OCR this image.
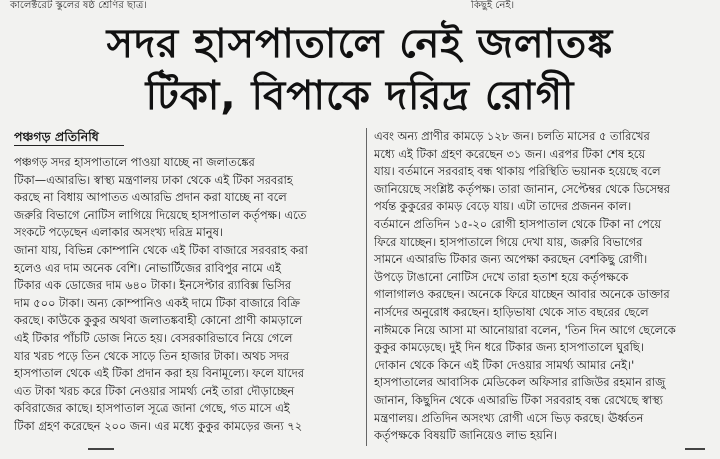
কালেক্টরেট স্কুলের ষষ্ঠ শ্রেণির ছাত্র।	কিছুই নেই।
সদর হাসপাতালে নেই জলাতঙ্ক
টিকা, বিপাকে দরিদ্র রোগী
পঞ্চগড় প্রতিনিধি
পঞ্চগড় সদর হাসপাতালে পাওয়া যাচ্ছে না জলাতঙ্কের
টিকা—এআরভি। স্বাস্থ্য মন্ত্রণালয় ঢাকা থেকে এই টিকা সরবরাহ
করছে না বিধায় আপাতত এআরভি প্রদান করা যাচ্ছে না বলে
জরুরি বিভাগে নোটিস লাগিয়ে দিয়েছে হাসপাতাল কর্তৃপক্ষ। এতে
সংকটে পড়েছেন এলাকার অসংখ্য দরিদ্র মানুষ।
জানা যায়, বিভিন্ন কোম্পানি থেকে এই টিকা বাজারে সরবরাহ করা
হলেও এর দাম অনেক বেশি। নোভার্টিজের রাবিপুর নামে এই
টিকার এক ডোজের দাম ৬৪০ টাকা। ইনসেপ্টার র‍্যাবিক্স ভিসির
দাম ৫০০ টাকা। অন্য কোম্পানিও একই দামে টিকা বাজারে বিক্রি
করছে। কাউকে কুকুর অথবা জলাতঙ্কবাহী কোনো প্রাণী কামড়ালে
এই টিকার পাঁচটি ডোজ নিতে হয়। বেসরকারিভাবে নিয়ে গেলে
যার খরচ পড়ে তিন থেকে সাড়ে তিন হাজার টাকা। অথচ সদর
হাসপাতাল থেকে এই টিকা প্রদান করা হয় বিনামূল্যে। ফলে যাদের
এত টাকা খরচ করে টিকা নেওয়ার সামর্থ্য নেই তারা দৌড়াচ্ছেন
কবিরাজের কাছে। হাসপাতাল সূত্রে জানা গেছে, গত মাসে এই
টিকা গ্রহণ করেছেন ২০০ জন। এর মধ্যে কুকুর কামড়ের জন্য ৭২
এবং অন্য প্রাণীর কামড়ে ১২৮ জন। চলতি মাসের ৫ তারিখের
মধ্যে এই টিকা গ্রহণ করেছেন ৩১ জন। এরপর টিকা শেষ হয়ে
যায়। বর্তমানে সরবরাহ বন্ধ থাকায় পরিস্থিতি ভয়ানক হয়েছে বলে
জানিয়েছে সংশ্লিষ্ট কর্তৃপক্ষ। তারা জানান, সেপ্টেম্বর থেকে ডিসেম্বর
পর্যন্ত কুকুরের কামড় বেড়ে যায়। এটা তাদের প্রজনন কাল।
বর্তমানে প্রতিদিন ১৫-২০ রোগী হাসপাতাল থেকে টিকা না পেয়ে
ফিরে যাচ্ছেন। হাসপাতালে গিয়ে দেখা যায়, জরুরি বিভাগের
সামনে এআরভি টিকার জন্য অপেক্ষা করছেন বেশকিছু রোগী।
উপড়ে টাঙানো নোটিস দেখে তারা হতাশ হয়ে কর্তৃপক্ষকে
গালাগালও করছেন। অনেকে ফিরে যাচ্ছেন আবার অনেকে ডাক্তার
নার্সদের অনুরোধ করছেন। হাড়িভাষা থেকে সাত বছরের ছেলে
নাঈমকে নিয়ে আসা মা আনোয়ারা বলেন, 'তিন দিন আগে ছেলেকে
কুকুর কামড়েছে। দুই দিন ধরে টিকার জন্য হাসপাতালে ঘুরছি।
দোকান থেকে কিনে এই টিকা দেওয়ার সামর্থ্য আমার নেই।'
হাসপাতালের আবাসিক মেডিকেল অফিসার রাজিউর রহমান রাজু
জানান, কিছুদিন থেকে এআরভি টিকা সরবরাহ বন্ধ রেখেছে স্বাস্থ্য
মন্ত্রণালয়। প্রতিদিন অসংখ্য রোগী এসে ভিড় করছে। ঊর্ধ্বতন
কর্তৃপক্ষকে বিষয়টি জানিয়েও লাভ হয়নি।
